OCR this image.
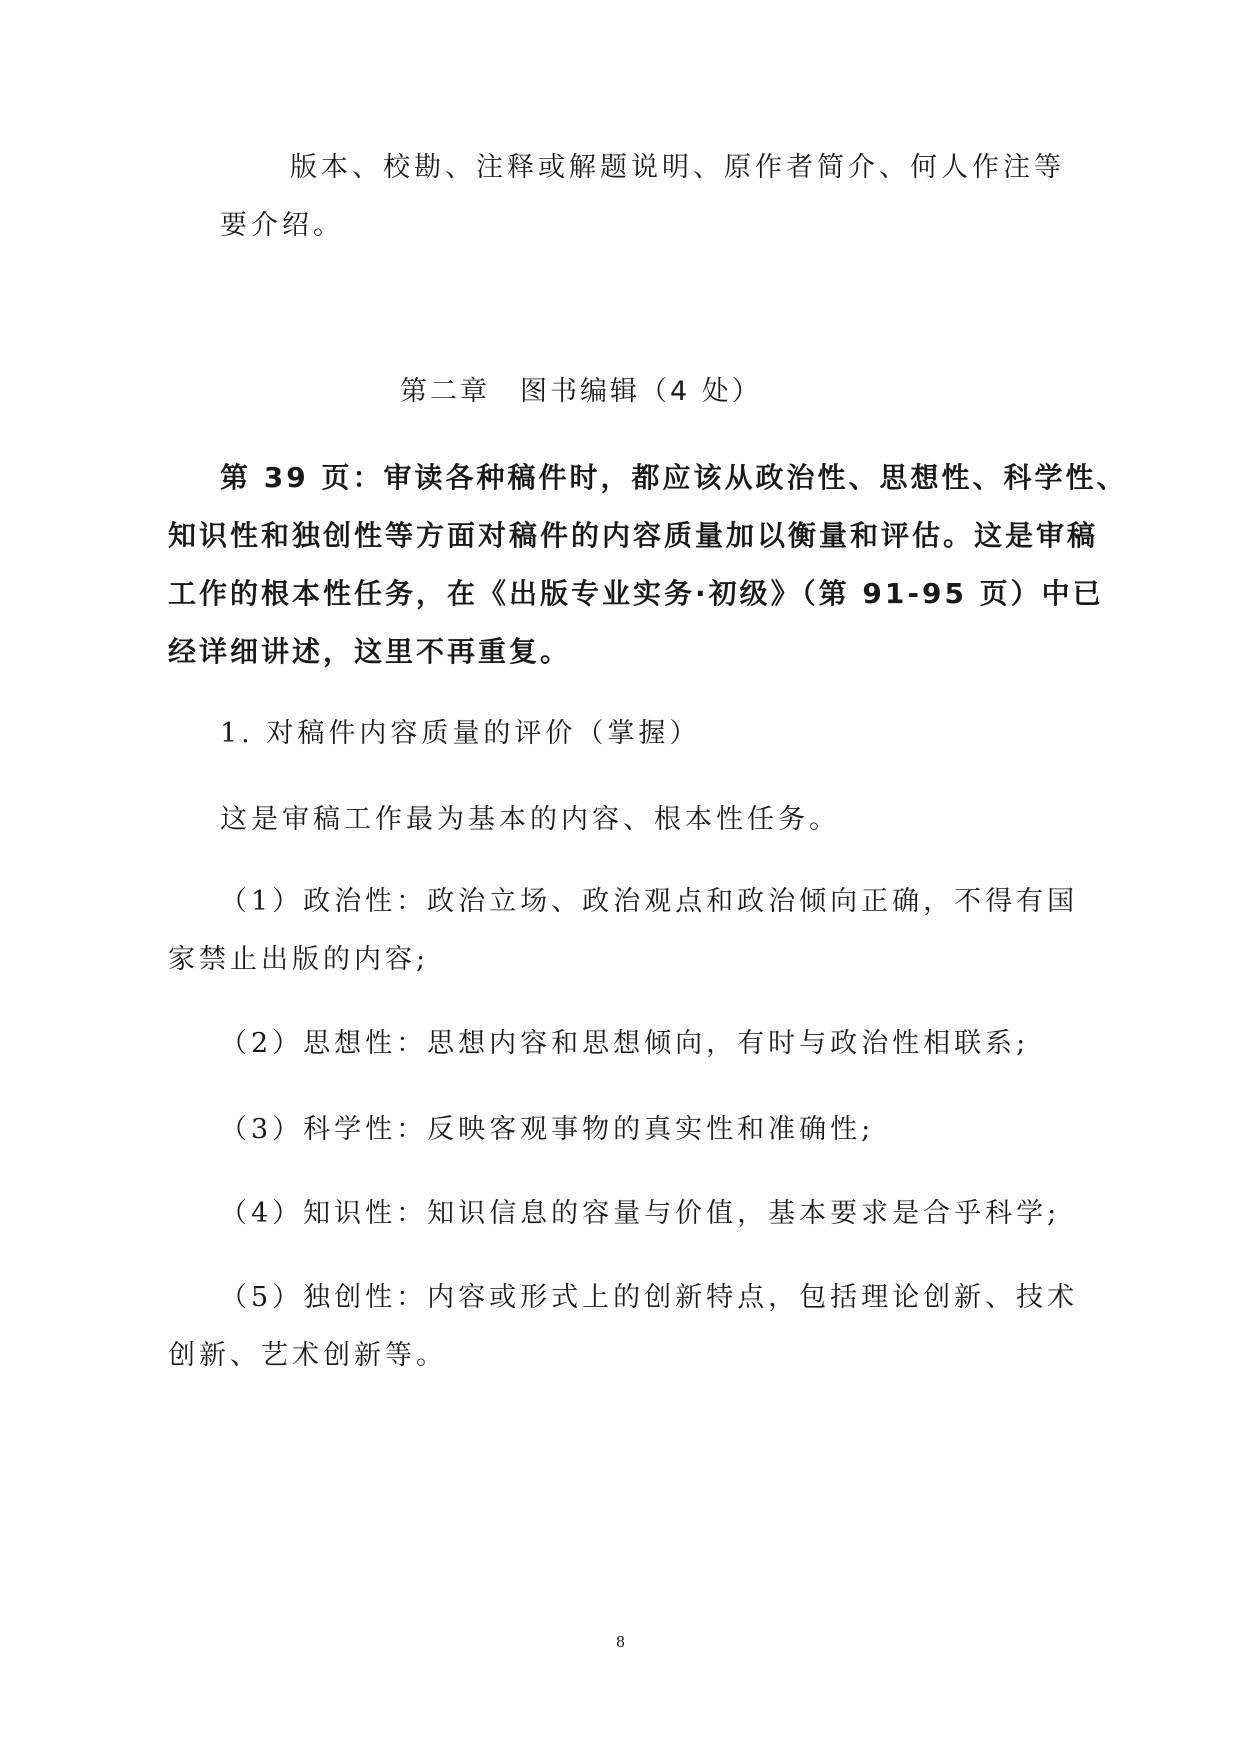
版本、校勘、注释或解题说明、原作者简介、何人作注等
要介绍。
第二章　图书编辑（4 处）
第 39 页：审读各种稿件时，都应该从政治性、思想性、科学性、
知识性和独创性等方面对稿件的内容质量加以衡量和评估。这是审稿
工作的根本性任务，在《出版专业实务·初级》（第 91-95 页）中已
经详细讲述，这里不再重复。
1. 对稿件内容质量的评价（掌握）
这是审稿工作最为基本的内容、根本性任务。
（1）政治性：政治立场、政治观点和政治倾向正确，不得有国
家禁止出版的内容;
（2）思想性：思想内容和思想倾向，有时与政治性相联系;
（3）科学性：反映客观事物的真实性和准确性;
（4）知识性：知识信息的容量与价值，基本要求是合乎科学;
（5）独创性：内容或形式上的创新特点，包括理论创新、技术
创新、艺术创新等。
8
